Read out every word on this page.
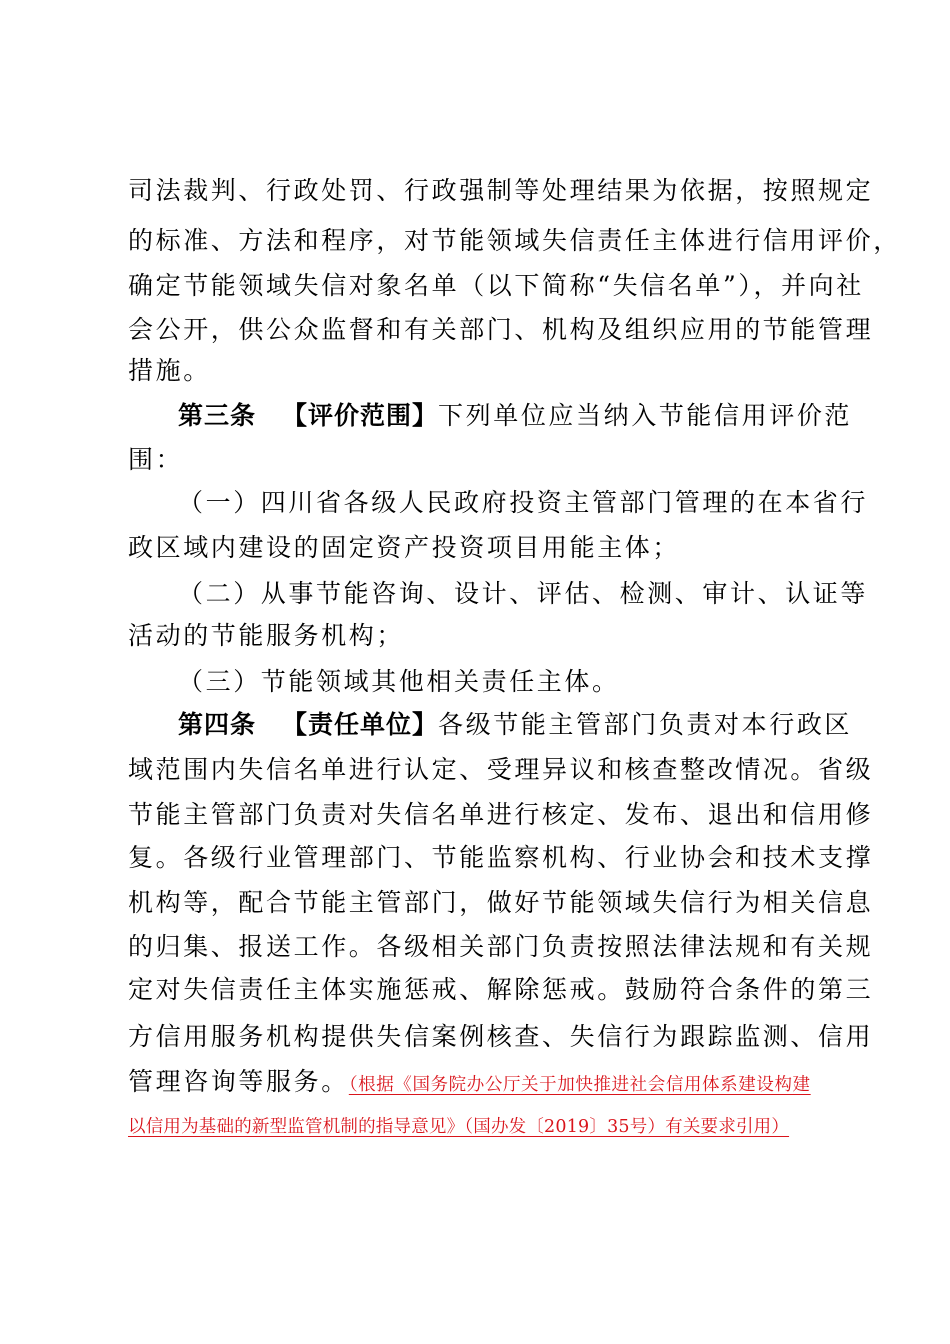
司法裁判、行政处罚、行政强制等处理结果为依据，按照规定
的标准、方法和程序，对节能领域失信责任主体进行信用评价，
确定节能领域失信对象名单（以下简称“失信名单”），并向社
会公开，供公众监督和有关部门、机构及组织应用的节能管理
措施。
第三条 【评价范围】 下列单位应当纳入节能信用评价范
围：
（一）四川省各级人民政府投资主管部门管理的在本省行
政区域内建设的固定资产投资项目用能主体；
（二）从事节能咨询、设计、评估、检测、审计、认证等
活动的节能服务机构；
（三）节能领域其他相关责任主体。
第四条 【责任单位】 各级节能主管部门负责对本行政区
域范围内失信名单进行认定、受理异议和核查整改情况。省级
节能主管部门负责对失信名单进行核定、发布、退出和信用修
复。各级行业管理部门、节能监察机构、行业协会和技术支撑
机构等，配合节能主管部门，做好节能领域失信行为相关信息
的归集、报送工作。各级相关部门负责按照法律法规和有关规
定对失信责任主体实施惩戒、解除惩戒。鼓励符合条件的第三
方信用服务机构提供失信案例核查、失信行为跟踪监测、信用
管理咨询等服务。（根据《国务院办公厅关于加快推进社会信用体系建设构建
以信用为基础的新型监管机制的指导意见》（国办发〔2019〕35号）有关要求引用）
